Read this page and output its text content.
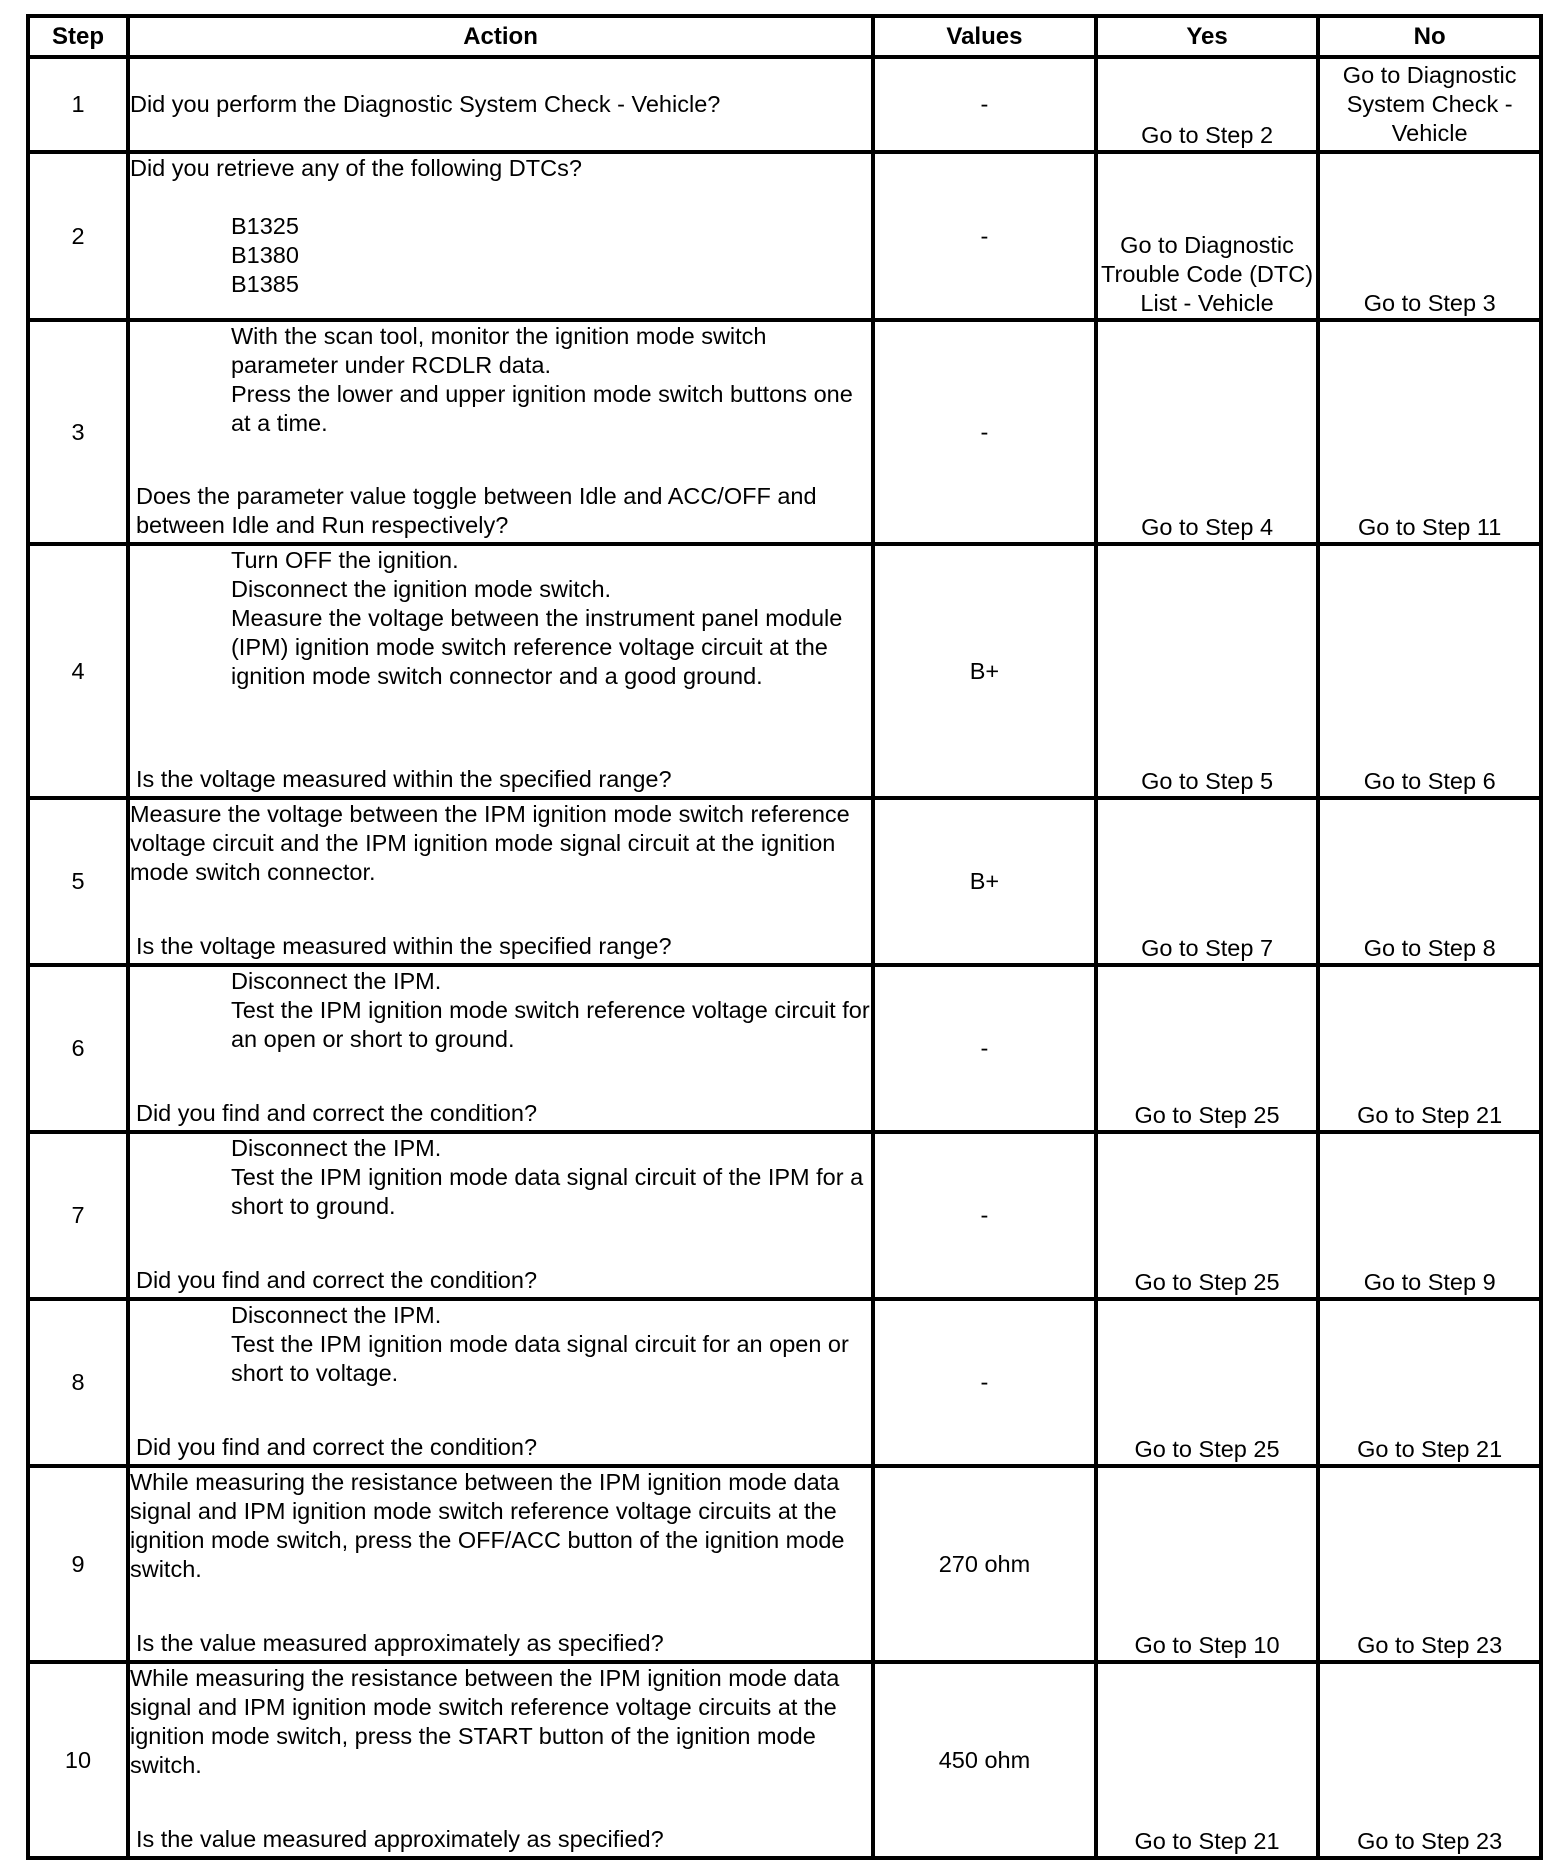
Step	Action	Values	Yes	No
1	Did you perform the Diagnostic System Check - Vehicle?	-	Go to Step 2	Go to Diagnostic System Check - Vehicle
2	Did you retrieve any of the following DTCs?
B1325
B1380
B1385	-	Go to Diagnostic Trouble Code (DTC) List - Vehicle	Go to Step 3
3	With the scan tool, monitor the ignition mode switch parameter under RCDLR data.
Press the lower and upper ignition mode switch buttons one at a time.
Does the parameter value toggle between Idle and ACC/OFF and between Idle and Run respectively?	-	Go to Step 4	Go to Step 11
4	Turn OFF the ignition.
Disconnect the ignition mode switch.
Measure the voltage between the instrument panel module (IPM) ignition mode switch reference voltage circuit at the ignition mode switch connector and a good ground.
Is the voltage measured within the specified range?	B+	Go to Step 5	Go to Step 6
5	Measure the voltage between the IPM ignition mode switch reference voltage circuit and the IPM ignition mode signal circuit at the ignition mode switch connector.
Is the voltage measured within the specified range?	B+	Go to Step 7	Go to Step 8
6	Disconnect the IPM.
Test the IPM ignition mode switch reference voltage circuit for an open or short to ground.
Did you find and correct the condition?	-	Go to Step 25	Go to Step 21
7	Disconnect the IPM.
Test the IPM ignition mode data signal circuit of the IPM for a short to ground.
Did you find and correct the condition?	-	Go to Step 25	Go to Step 9
8	Disconnect the IPM.
Test the IPM ignition mode data signal circuit for an open or short to voltage.
Did you find and correct the condition?	-	Go to Step 25	Go to Step 21
9	While measuring the resistance between the IPM ignition mode data signal and IPM ignition mode switch reference voltage circuits at the ignition mode switch, press the OFF/ACC button of the ignition mode switch.
Is the value measured approximately as specified?	270 ohm	Go to Step 10	Go to Step 23
10	While measuring the resistance between the IPM ignition mode data signal and IPM ignition mode switch reference voltage circuits at the ignition mode switch, press the START button of the ignition mode switch.
Is the value measured approximately as specified?	450 ohm	Go to Step 21	Go to Step 23
